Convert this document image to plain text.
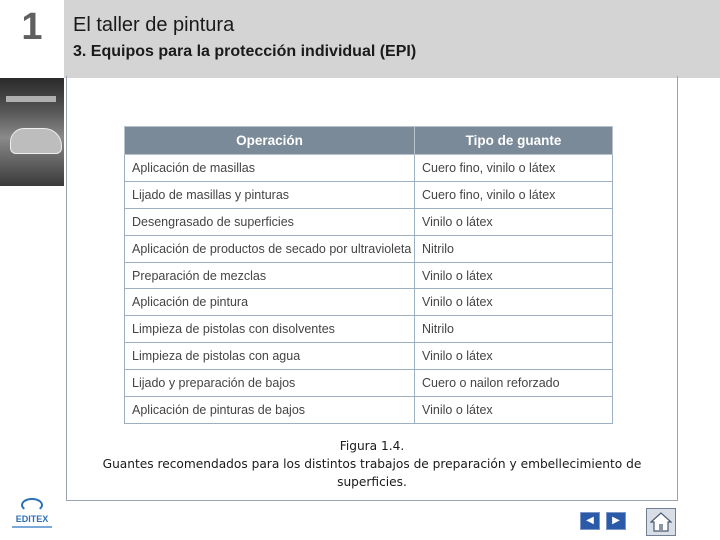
1	El taller de pintura
3. Equipos para la protección individual (EPI)
Operación	Tipo de guante
Aplicación de masillas	Cuero fino, vinilo o látex
Lijado de masillas y pinturas	Cuero fino, vinilo o látex
Desengrasado de superficies	Vinilo o látex
Aplicación de productos de secado por ultravioleta	Nitrilo
Preparación de mezclas	Vinilo o látex
Aplicación de pintura	Vinilo o látex
Limpieza de pistolas con disolventes	Nitrilo
Limpieza de pistolas con agua	Vinilo o látex
Lijado y preparación de bajos	Cuero o nailon reforzado
Aplicación de pinturas de bajos	Vinilo o látex
Figura 1.4.
Guantes recomendados para los distintos trabajos de preparación y embellecimiento de superficies.
EDITEX	◀ ▶
